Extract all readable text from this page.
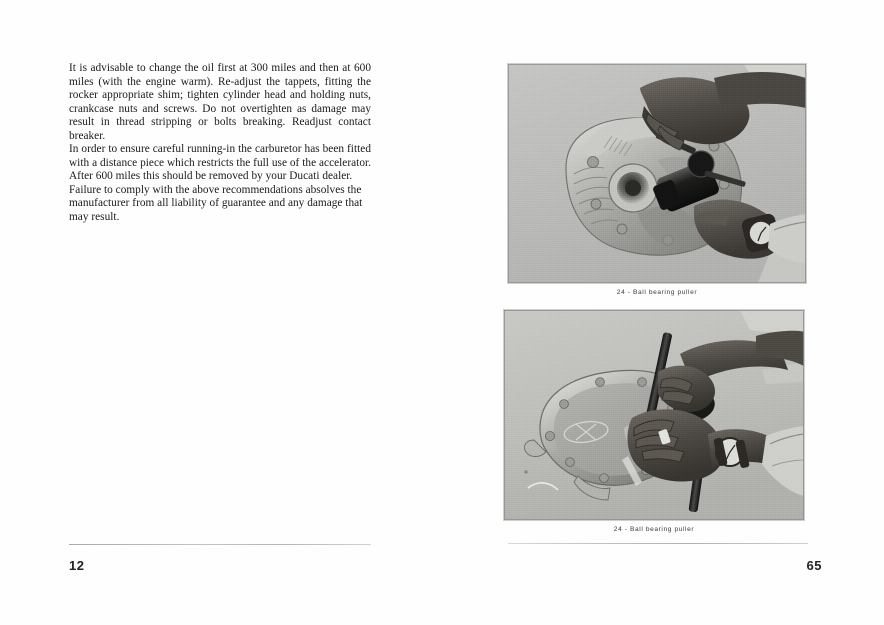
It is advisable to change the oil first at 300 miles and then at 600 miles (with the engine warm). Re-adjust the tappets, fitting the rocker appropriate shim; tighten cylinder head and holding nuts, crankcase nuts and screws. Do not overtighten as damage may result in thread stripping or bolts breaking. Readjust contact breaker.

In order to ensure careful running-in the carburetor has been fitted with a distance piece which restricts the full use of the accelerator. After 600 miles this should be removed by your Ducati dealer.

Failure to comply with the above recommendations absolves the manufacturer from all liability of guarantee and any damage that may result.

12
24 - Ball bearing puller
24 - Ball bearing puller
65
